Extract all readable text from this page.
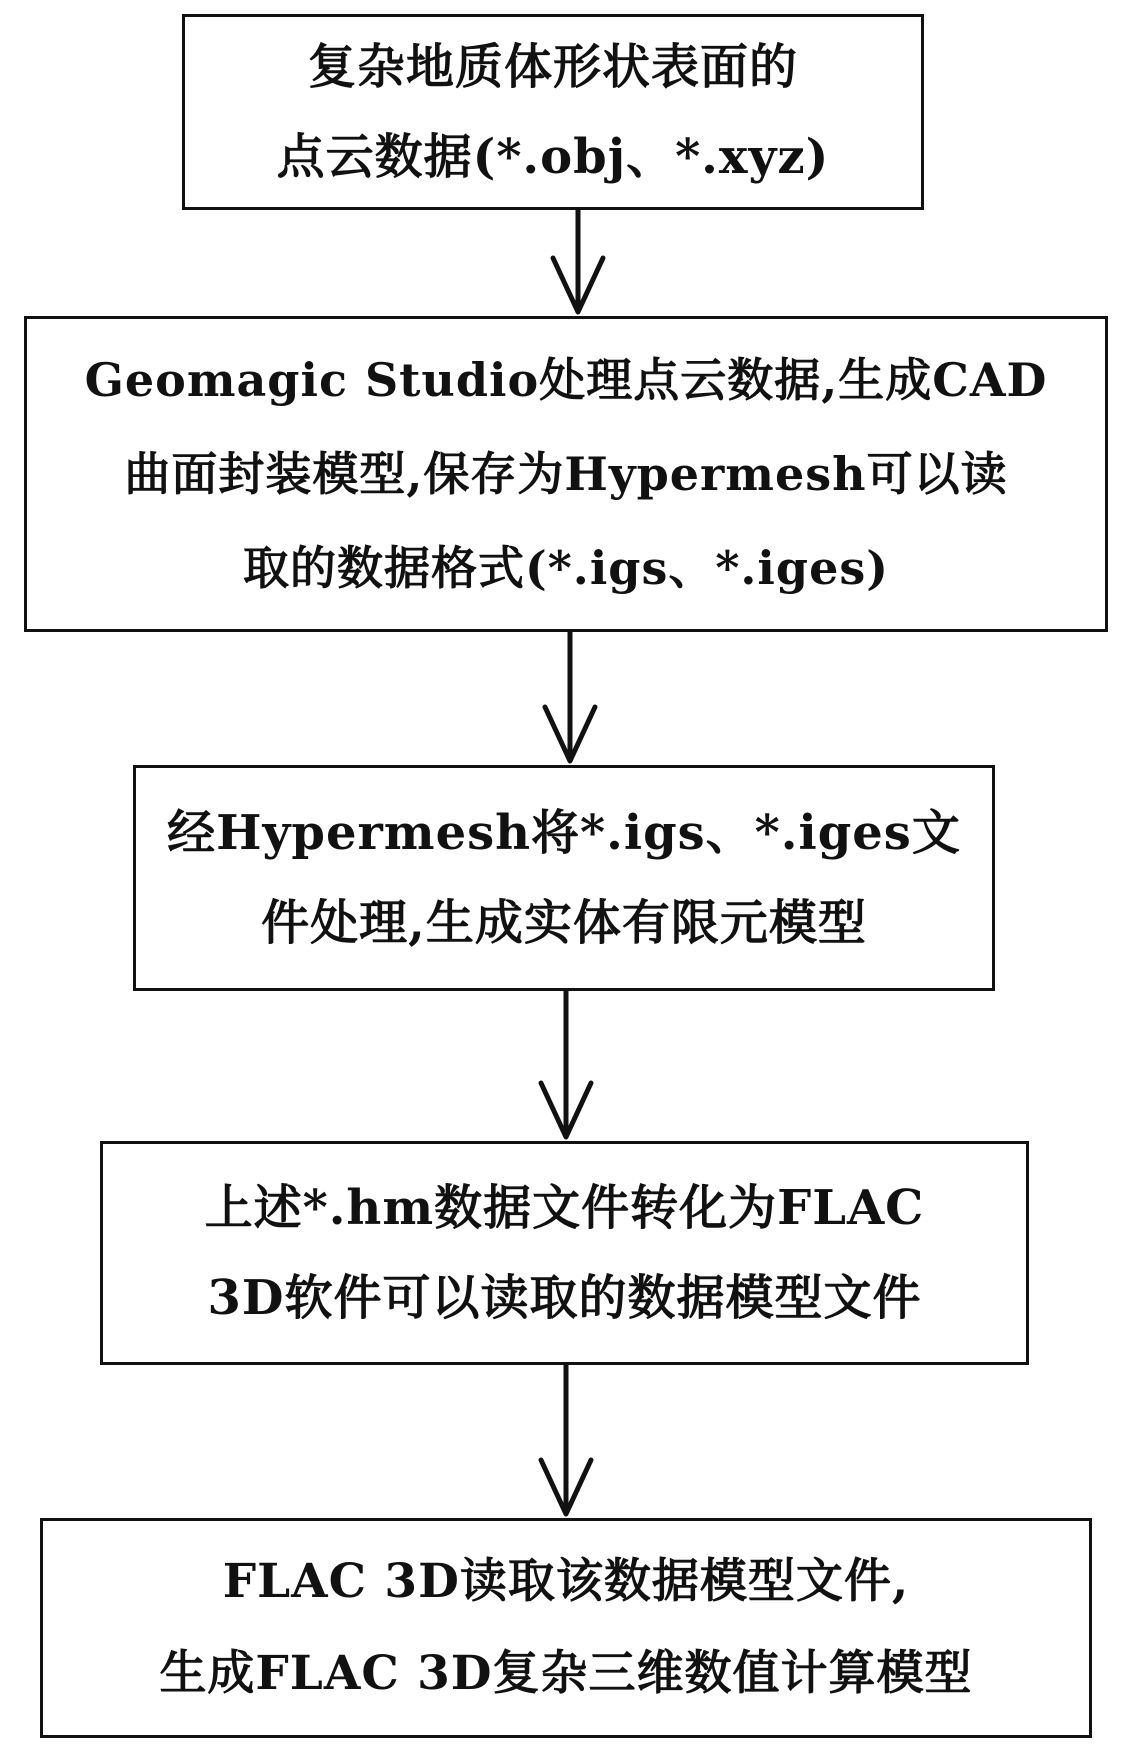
复杂地质体形状表面的
点云数据(*.obj、*.xyz)
Geomagic Studio处理点云数据,生成CAD
曲面封装模型,保存为Hypermesh可以读
取的数据格式(*.igs、*.iges)
经Hypermesh将*.igs、*.iges文
件处理,生成实体有限元模型
上述*.hm数据文件转化为FLAC
3D软件可以读取的数据模型文件
FLAC 3D读取该数据模型文件,
生成FLAC 3D复杂三维数值计算模型
